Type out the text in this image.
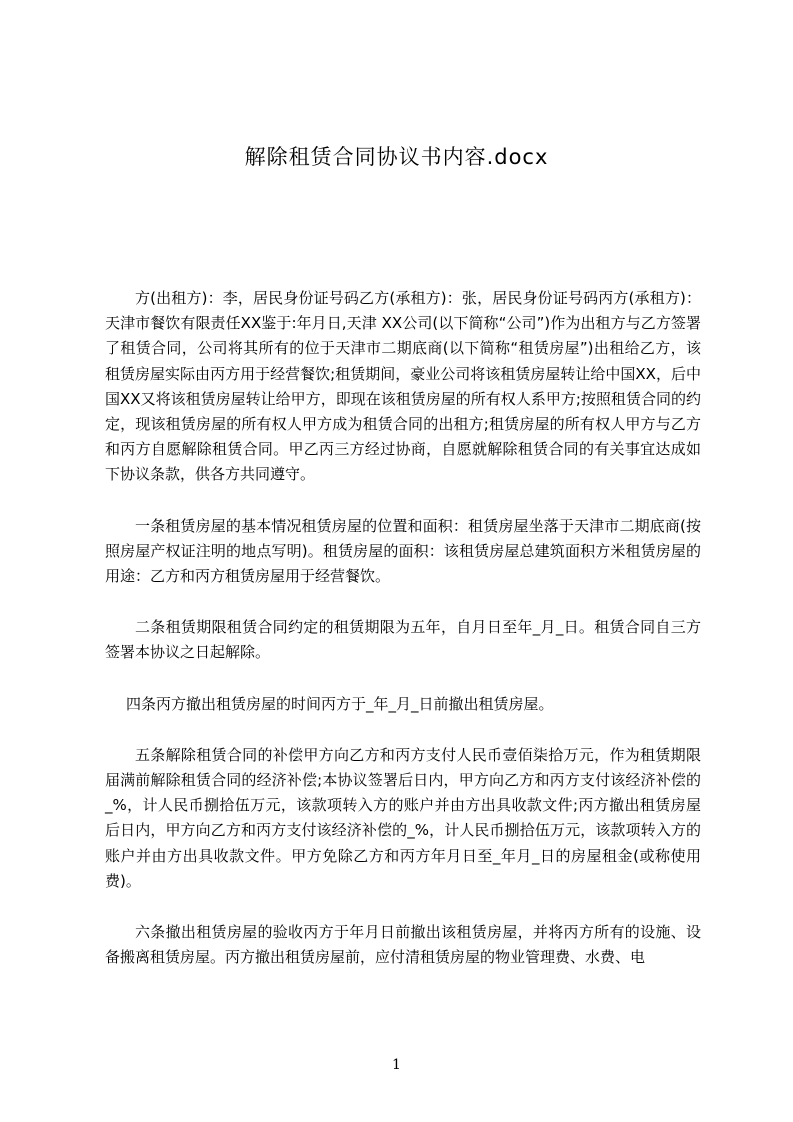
解除租赁合同协议书内容.docx

方(出租方)：李，居民身份证号码乙方(承租方)：张，居民身份证号码丙方(承租方)：天津市餐饮有限责任XX鉴于:年月日,天津 XX公司(以下简称“公司”)作为出租方与乙方签署了租赁合同，公司将其所有的位于天津市二期底商(以下简称“租赁房屋”)出租给乙方，该租赁房屋实际由丙方用于经营餐饮;租赁期间，豪业公司将该租赁房屋转让给中国XX，后中国XX又将该租赁房屋转让给甲方，即现在该租赁房屋的所有权人系甲方;按照租赁合同的约定，现该租赁房屋的所有权人甲方成为租赁合同的出租方;租赁房屋的所有权人甲方与乙方和丙方自愿解除租赁合同。甲乙丙三方经过协商，自愿就解除租赁合同的有关事宜达成如下协议条款，供各方共同遵守。

一条租赁房屋的基本情况租赁房屋的位置和面积：租赁房屋坐落于天津市二期底商(按照房屋产权证注明的地点写明)。租赁房屋的面积：该租赁房屋总建筑面积方米租赁房屋的用途：乙方和丙方租赁房屋用于经营餐饮。

二条租赁期限租赁合同约定的租赁期限为五年，自月日至年_月_日。租赁合同自三方签署本协议之日起解除。

四条丙方撤出租赁房屋的时间丙方于_年_月_日前撤出租赁房屋。

五条解除租赁合同的补偿甲方向乙方和丙方支付人民币壹佰柒拾万元，作为租赁期限届满前解除租赁合同的经济补偿;本协议签署后日内，甲方向乙方和丙方支付该经济补偿的_%，计人民币捌拾伍万元，该款项转入方的账户并由方出具收款文件;丙方撤出租赁房屋后日内，甲方向乙方和丙方支付该经济补偿的_%，计人民币捌拾伍万元，该款项转入方的账户并由方出具收款文件。甲方免除乙方和丙方年月日至_年月_日的房屋租金(或称使用费)。

六条撤出租赁房屋的验收丙方于年月日前撤出该租赁房屋，并将丙方所有的设施、设备搬离租赁房屋。丙方撤出租赁房屋前，应付清租赁房屋的物业管理费、水费、电

1
